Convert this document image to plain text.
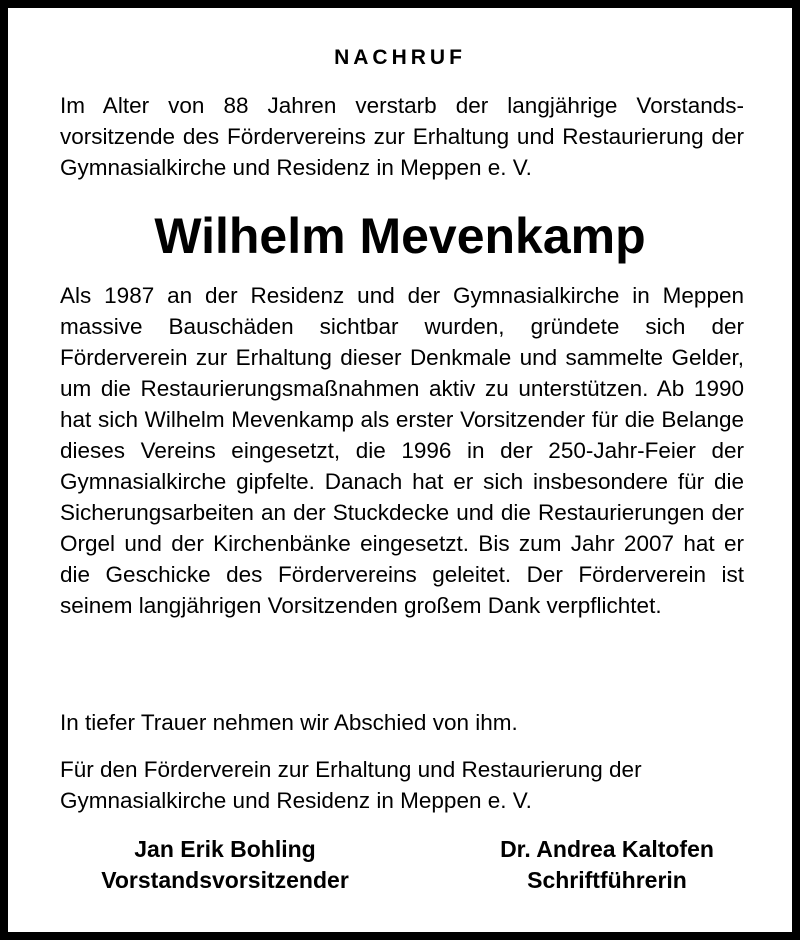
NACHRUF
Im Alter von 88 Jahren verstarb der langjährige Vorstandsvorsitzende des Fördervereins zur Erhaltung und Restaurierung der Gymnasialkirche und Residenz in Meppen e. V.
Wilhelm Mevenkamp
Als 1987 an der Residenz und der Gymnasialkirche in Meppen massive Bauschäden sichtbar wurden, gründete sich der Förderverein zur Erhaltung dieser Denkmale und sammelte Gelder, um die Restaurierungsmaßnahmen aktiv zu unterstützen. Ab 1990 hat sich Wilhelm Mevenkamp als erster Vorsitzender für die Belange dieses Vereins eingesetzt, die 1996 in der 250-Jahr-Feier der Gymnasialkirche gipfelte. Danach hat er sich insbesondere für die Sicherungsarbeiten an der Stuckdecke und die Restaurierungen der Orgel und der Kirchenbänke eingesetzt. Bis zum Jahr 2007 hat er die Geschicke des Fördervereins geleitet. Der Förderverein ist seinem langjährigen Vorsitzenden großem Dank verpflichtet.
In tiefer Trauer nehmen wir Abschied von ihm.
Für den Förderverein zur Erhaltung und Restaurierung der
Gymnasialkirche und Residenz in Meppen e. V.
Jan Erik Bohling
Vorstandsvorsitzender
Dr. Andrea Kaltofen
Schriftführerin
